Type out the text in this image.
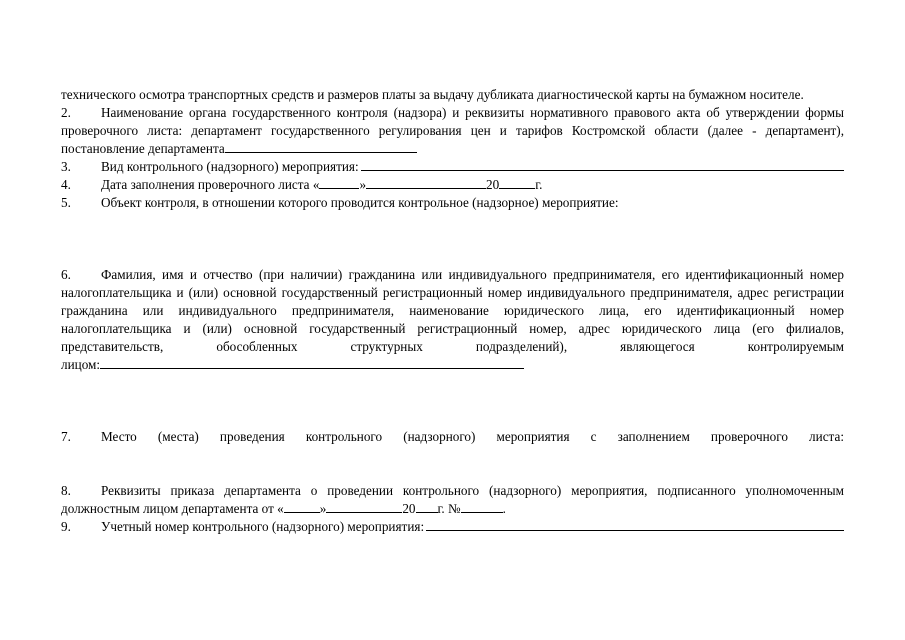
технического осмотра транспортных средств и размеров платы за выдачу дубликата диагностической карты на бумажном носителе.

2. Наименование органа государственного контроля (надзора) и реквизиты нормативного правового акта об утверждении формы проверочного листа: департамент государственного регулирования цен и тарифов Костромской области (далее - департамент), постановление департамента

3.	Вид контрольного (надзорного) мероприятия:

4. Дата заполнения проверочного листа «	»	20	г.

5. Объект контроля, в отношении которого проводится контрольное (надзорное) мероприятие:

6. Фамилия, имя и отчество (при наличии) гражданина или индивидуального предпринимателя, его идентификационный номер налогоплательщика и (или) основной государственный регистрационный номер индивидуального предпринимателя, адрес регистрации гражданина или индивидуального предпринимателя, наименование юридического лица, его идентификационный номер налогоплательщика и (или) основной государственный регистрационный номер, адрес юридического лица (его филиалов, представительств, обособленных структурных подразделений), являющегося контролируемым

лицом:

7. Место (места) проведения контрольного (надзорного) мероприятия с заполнением проверочного листа:

8. Реквизиты приказа департамента о проведении контрольного (надзорного) мероприятия, подписанного уполномоченным должностным лицом департамента от «	»	20 г. №	.

9.	Учетный номер контрольного (надзорного) мероприятия:
